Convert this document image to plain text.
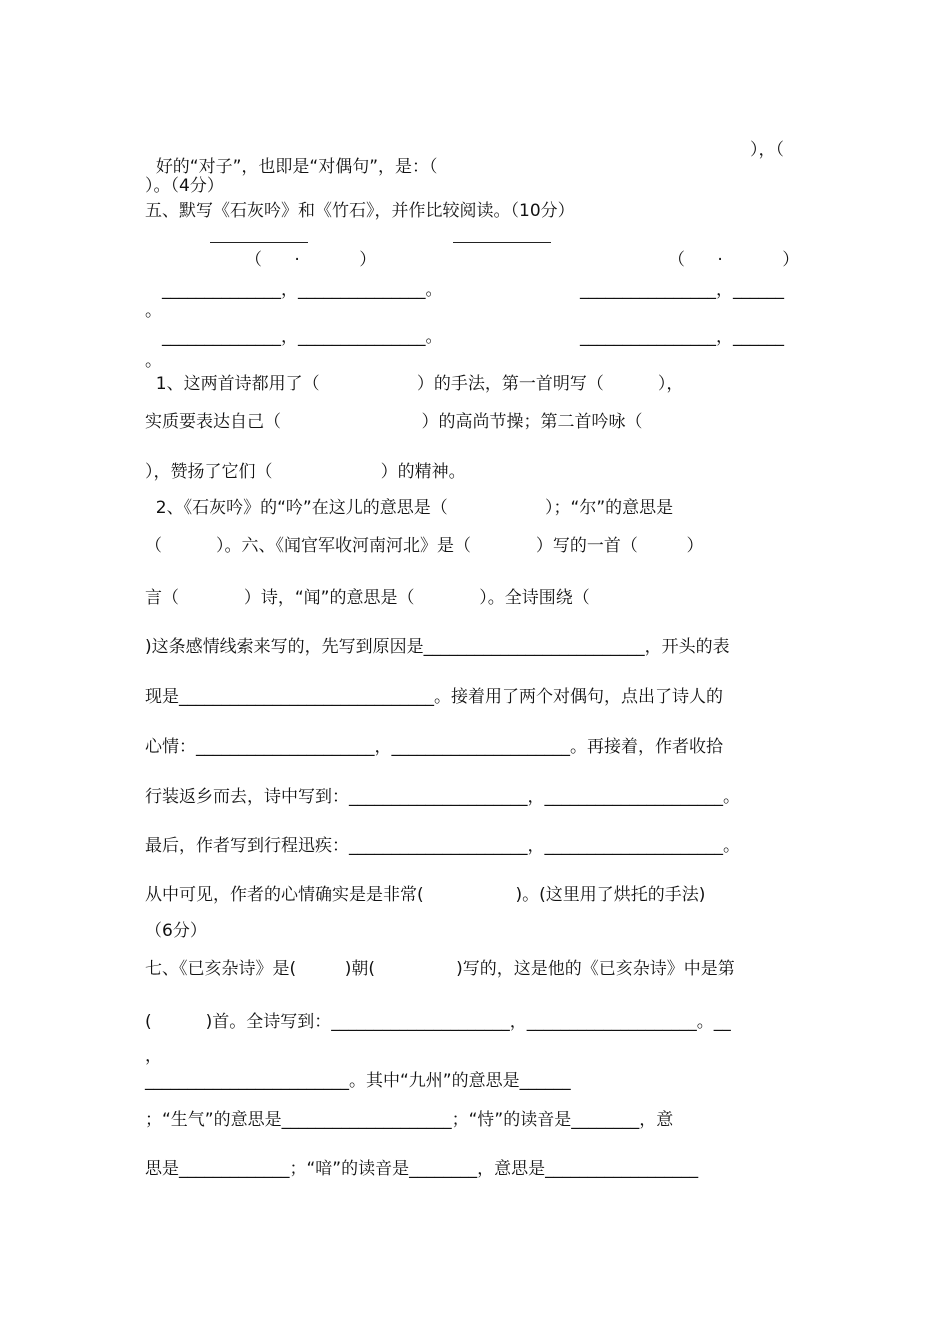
好的“对子”，也即是“对偶句”，是：（

），（
）。（4分）
五、默写《石灰吟》和《竹石》，并作比较阅读。（10分）
（      ·           ）	（      ·           ）
______________，_______________。	________________，______
。
______________，_______________。	________________，______
。
1、这两首诗都用了（                  ）的手法，第一首明写（          ），
实质要表达自己（                          ）的高尚节操；第二首吟咏（
），赞扬了它们（                    ）的精神。
2、《石灰吟》的“吟”在这儿的意思是（                  ）；“尔”的意思是
（          ）。六、《闻官军收河南河北》是（            ）写的一首（         ）
言（            ）诗，“闻”的意思是（            ）。全诗围绕（
)这条感情线索来写的，先写到原因是__________________________，开头的表
现是______________________________。接着用了两个对偶句，点出了诗人的
心情：_____________________，_____________________。再接着，作者收拾
行装返乡而去，诗中写到：_____________________，_____________________。
最后，作者写到行程迅疾：_____________________，_____________________。
从中可见，作者的心情确实是是非常(                 )。(这里用了烘托的手法)
（6分）
七、《已亥杂诗》是(         )朝(               )写的，这是他的《已亥杂诗》中是第
(          )首。全诗写到：_____________________，____________________。__
，
________________________。其中“九州”的意思是______
；“生气”的意思是____________________；“恃”的读音是________，意
思是_____________；“喑”的读音是________，意思是__________________
